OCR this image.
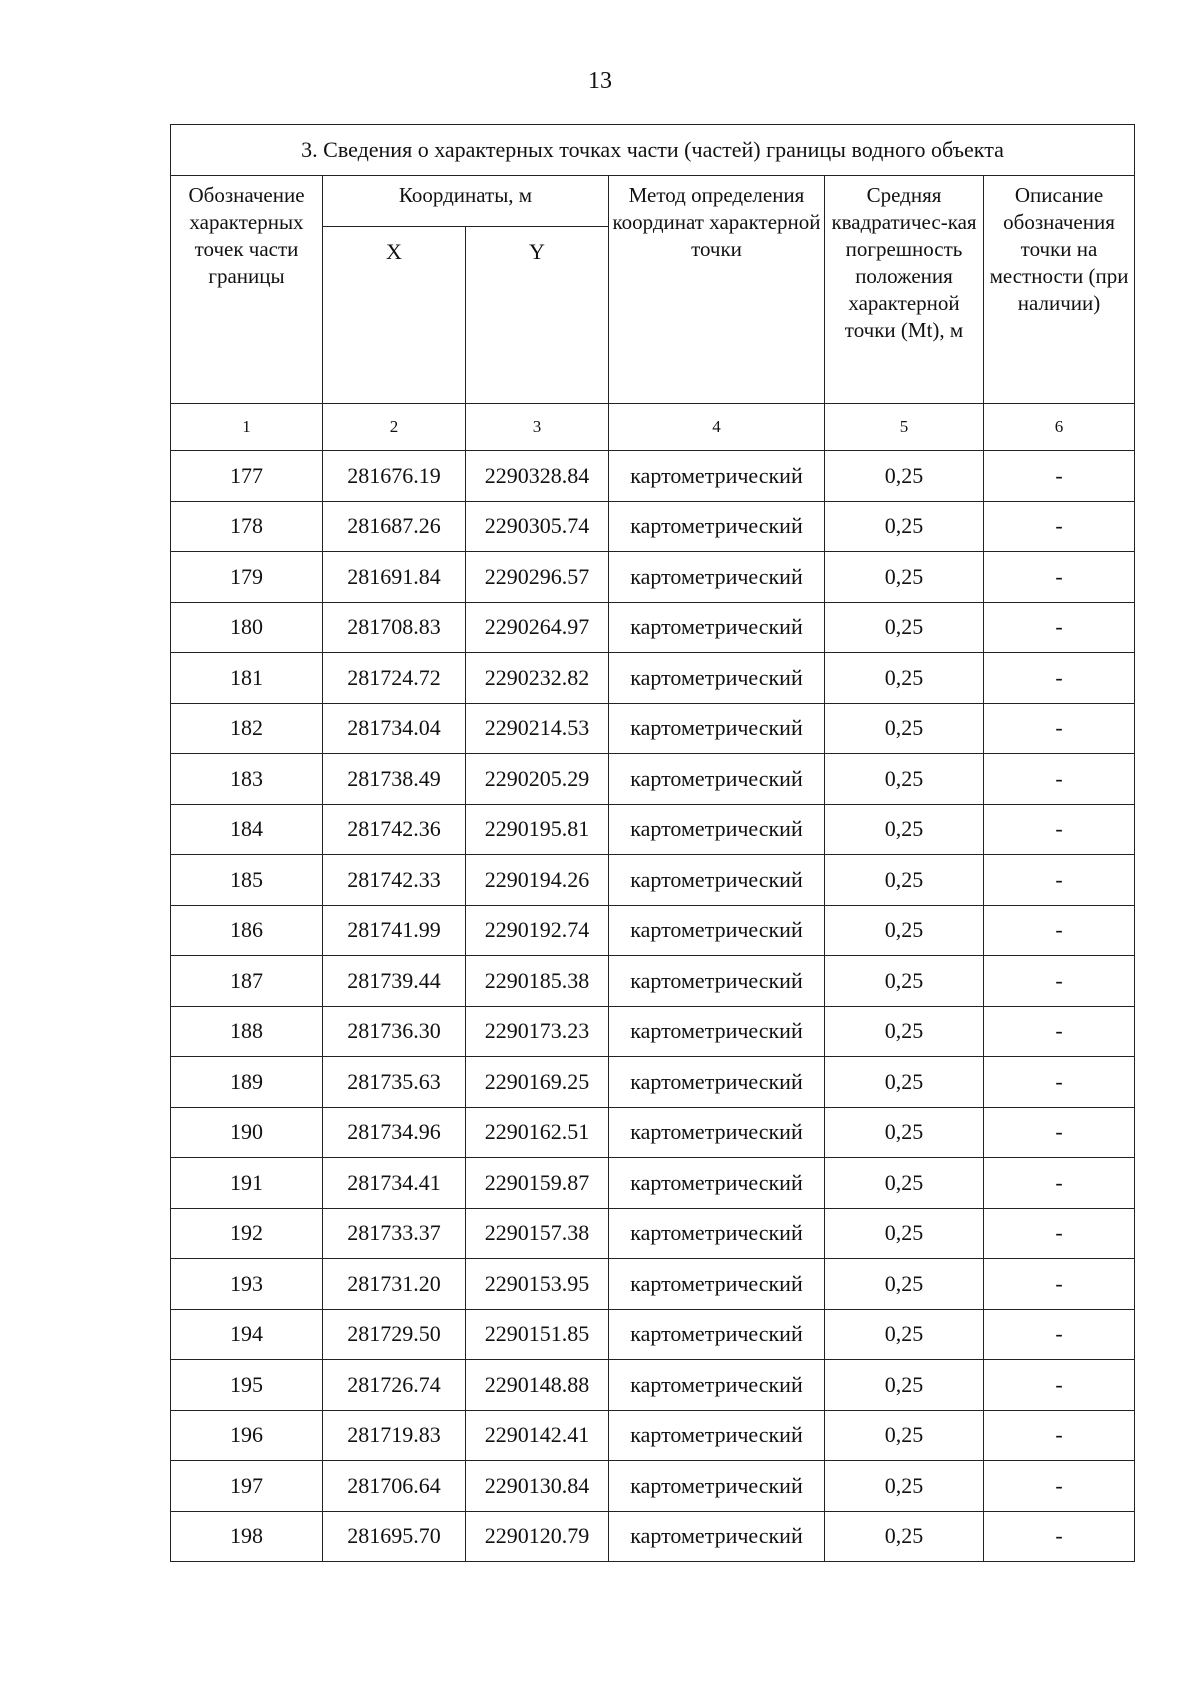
13
3. Сведения о характерных точках части (частей) границы водного объекта					
Обозначение характерных точек части границы	Координаты, м		Метод определения координат характерной точки	Средняя квадратичес-кая погрешность положения характерной точки (Mt), м	Описание обозначения точки на местности (при наличии)
	X	Y			
1	2	3	4	5	6
177	281676.19	2290328.84	картометрический	0,25	-
178	281687.26	2290305.74	картометрический	0,25	-
179	281691.84	2290296.57	картометрический	0,25	-
180	281708.83	2290264.97	картометрический	0,25	-
181	281724.72	2290232.82	картометрический	0,25	-
182	281734.04	2290214.53	картометрический	0,25	-
183	281738.49	2290205.29	картометрический	0,25	-
184	281742.36	2290195.81	картометрический	0,25	-
185	281742.33	2290194.26	картометрический	0,25	-
186	281741.99	2290192.74	картометрический	0,25	-
187	281739.44	2290185.38	картометрический	0,25	-
188	281736.30	2290173.23	картометрический	0,25	-
189	281735.63	2290169.25	картометрический	0,25	-
190	281734.96	2290162.51	картометрический	0,25	-
191	281734.41	2290159.87	картометрический	0,25	-
192	281733.37	2290157.38	картометрический	0,25	-
193	281731.20	2290153.95	картометрический	0,25	-
194	281729.50	2290151.85	картометрический	0,25	-
195	281726.74	2290148.88	картометрический	0,25	-
196	281719.83	2290142.41	картометрический	0,25	-
197	281706.64	2290130.84	картометрический	0,25	-
198	281695.70	2290120.79	картометрический	0,25	-
